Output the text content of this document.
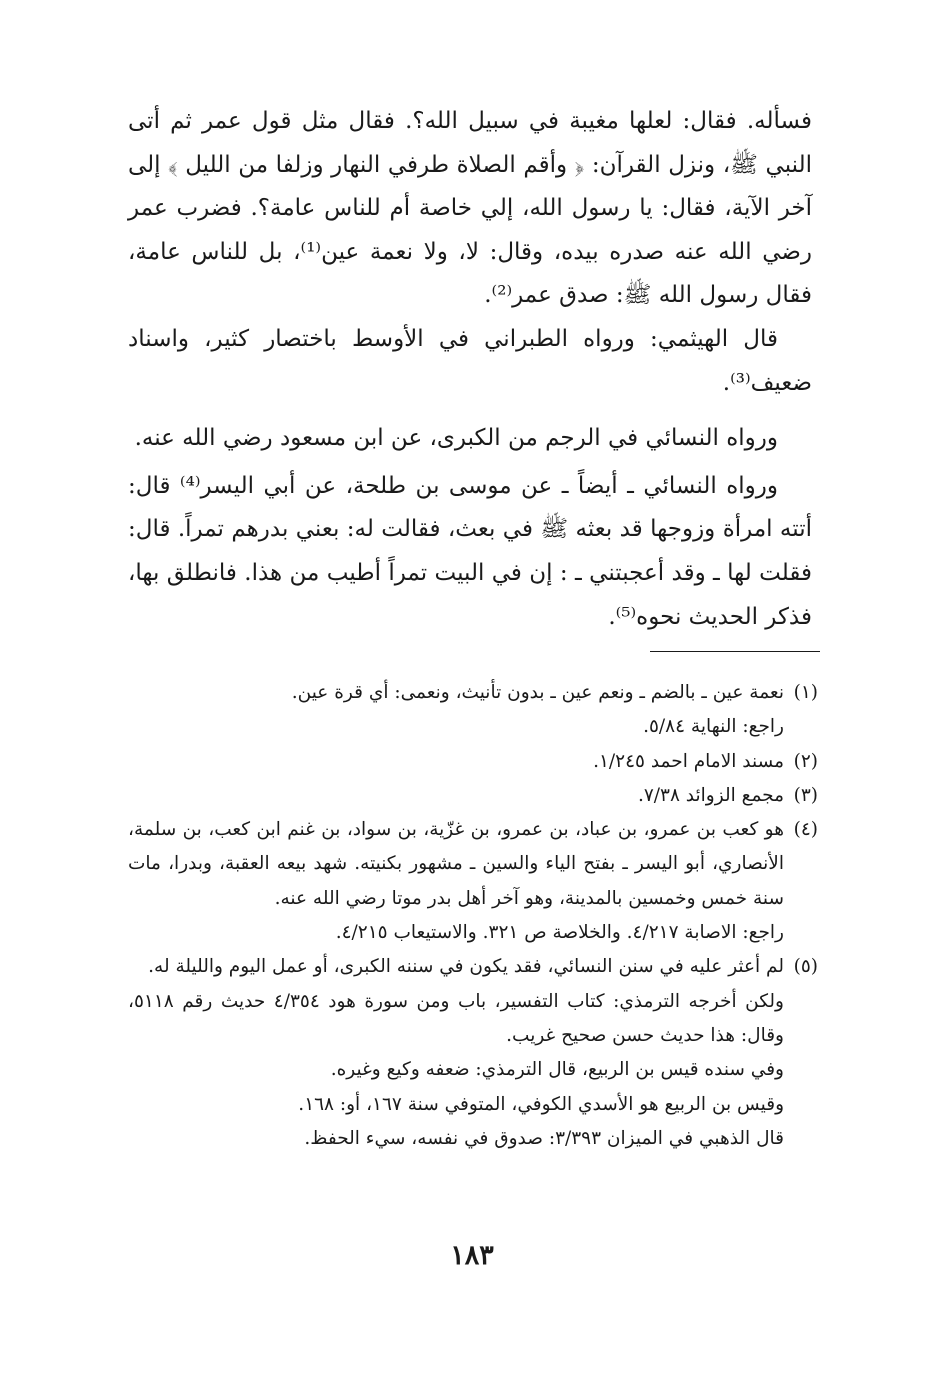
فسأله. فقال: لعلها مغيبة في سبيل الله؟. فقال مثل قول عمر ثم أتى النبي ﷺ، ونزل القرآن: ﴿ وأقم الصلاة طرفي النهار وزلفا من الليل ﴾ إلى آخر الآية، فقال: يا رسول الله، إلي خاصة أم للناس عامة؟. فضرب عمر رضي الله عنه صدره بيده، وقال: لا، ولا نعمة عين⁽¹⁾، بل للناس عامة، فقال رسول الله ﷺ: صدق عمر⁽²⁾.

قال الهيثمي: ورواه الطبراني في الأوسط باختصار كثير، واسناد ضعيف⁽³⁾.

ورواه النسائي في الرجم من الكبرى، عن ابن مسعود رضي الله عنه.

ورواه النسائي ـ أيضاً ـ عن موسى بن طلحة، عن أبي اليسر⁽⁴⁾ قال: أتته امرأة وزوجها قد بعثه ﷺ في بعث، فقالت له: بعني بدرهم تمراً. قال: فقلت لها ـ وقد أعجبتني ـ : إن في البيت تمراً أطيب من هذا. فانطلق بها، فذكر الحديث نحوه⁽⁵⁾.

(١)

نعمة عين ـ بالضم ـ ونعم عين ـ بدون تأنيث، ونعمى: أي قرة عين.

راجع: النهاية ٥/٨٤.

(٢)

مسند الامام احمد ١/٢٤٥.

(٣)

مجمع الزوائد ٧/٣٨.

(٤)

هو كعب بن عمرو، بن عباد، بن عمرو، بن غزّية، بن سواد، بن غنم ابن كعب، بن سلمة، الأنصاري، أبو اليسر ـ بفتح الياء والسين ـ مشهور بكنيته. شهد بيعه العقبة، وبدرا، مات سنة خمس وخمسين بالمدينة، وهو آخر أهل بدر موتا رضي الله عنه.

راجع: الاصابة ٤/٢١٧. والخلاصة ص ٣٢١. والاستيعاب ٤/٢١٥.

(٥)

لم أعثر عليه في سنن النسائي، فقد يكون في سننه الكبرى، أو عمل اليوم والليلة له.

ولكن أخرجه الترمذي: كتاب التفسير، باب ومن سورة هود ٤/٣٥٤ حديث رقم ٥١١٨، وقال: هذا حديث حسن صحيح غريب.

وفي سنده قيس بن الربيع، قال الترمذي: ضعفه وكيع وغيره.

وقيس بن الربيع هو الأسدي الكوفي، المتوفي سنة ١٦٧، أو: ١٦٨.

قال الذهبي في الميزان ٣/٣٩٣: صدوق في نفسه، سيء الحفظ.

١٨٣
